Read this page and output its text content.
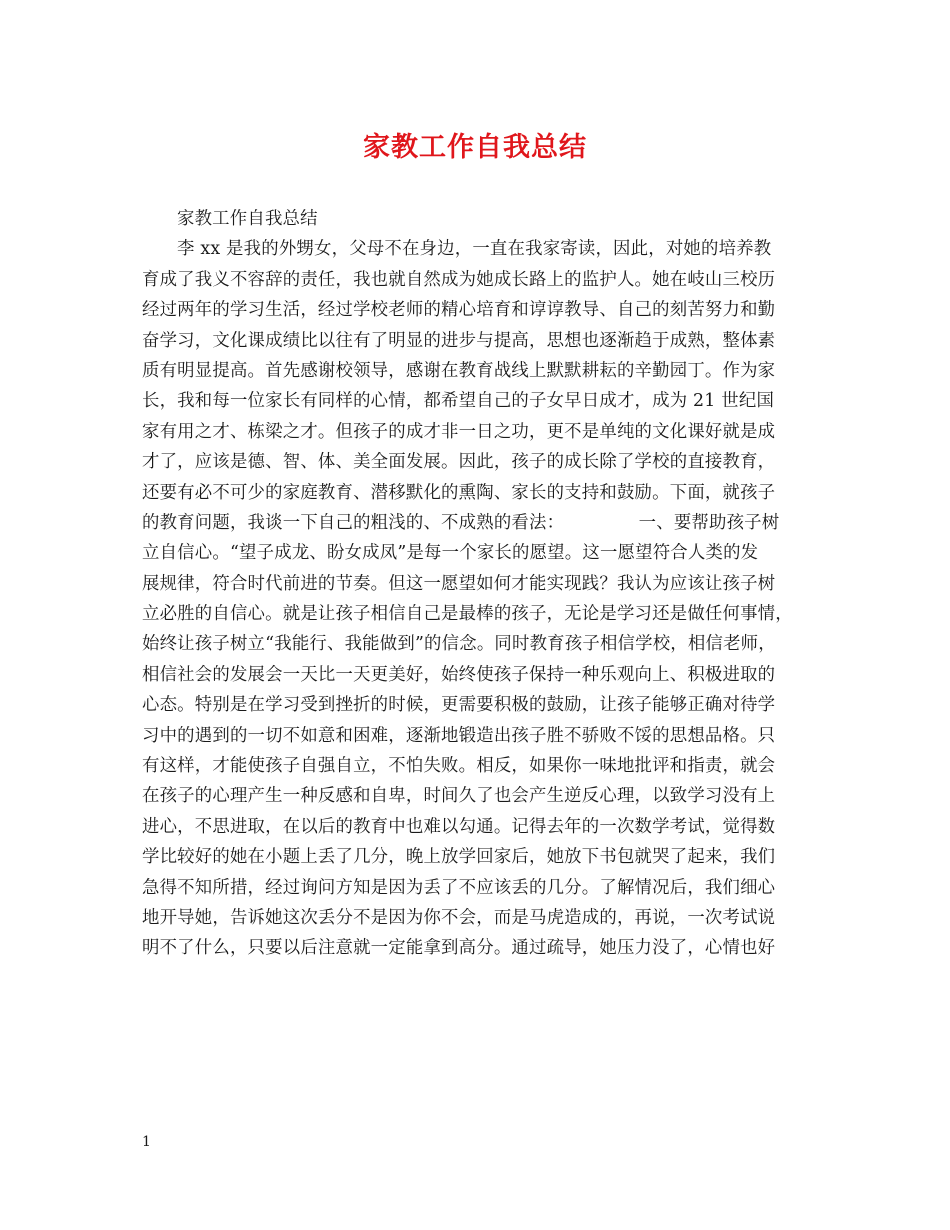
家教工作自我总结
家教工作自我总结
李 xx 是我的外甥女，父母不在身边，一直在我家寄读，因此，对她的培养教
育成了我义不容辞的责任，我也就自然成为她成长路上的监护人。她在岐山三校历
经过两年的学习生活，经过学校老师的精心培育和谆谆教导、自己的刻苦努力和勤
奋学习，文化课成绩比以往有了明显的进步与提高，思想也逐渐趋于成熟，整体素
质有明显提高。首先感谢校领导，感谢在教育战线上默默耕耘的辛勤园丁。作为家
长，我和每一位家长有同样的心情，都希望自己的子女早日成才，成为 21 世纪国
家有用之才、栋梁之才。但孩子的成才非一日之功，更不是单纯的文化课好就是成
才了，应该是德、智、体、美全面发展。因此，孩子的成长除了学校的直接教育，
还要有必不可少的家庭教育、潜移默化的熏陶、家长的支持和鼓励。下面，就孩子
的教育问题，我谈一下自己的粗浅的、不成熟的看法：             一、要帮助孩子树
立自信心。“望子成龙、盼女成凤”是每一个家长的愿望。这一愿望符合人类的发
展规律，符合时代前进的节奏。但这一愿望如何才能实现践？我认为应该让孩子树
立必胜的自信心。就是让孩子相信自己是最棒的孩子，无论是学习还是做任何事情，
始终让孩子树立“我能行、我能做到”的信念。同时教育孩子相信学校，相信老师，
相信社会的发展会一天比一天更美好，始终使孩子保持一种乐观向上、积极进取的
心态。特别是在学习受到挫折的时候，更需要积极的鼓励，让孩子能够正确对待学
习中的遇到的一切不如意和困难，逐渐地锻造出孩子胜不骄败不馁的思想品格。只
有这样，才能使孩子自强自立，不怕失败。相反，如果你一味地批评和指责，就会
在孩子的心理产生一种反感和自卑，时间久了也会产生逆反心理，以致学习没有上
进心，不思进取，在以后的教育中也难以勾通。记得去年的一次数学考试，觉得数
学比较好的她在小题上丢了几分，晚上放学回家后，她放下书包就哭了起来，我们
急得不知所措，经过询问方知是因为丢了不应该丢的几分。了解情况后，我们细心
地开导她，告诉她这次丢分不是因为你不会，而是马虎造成的，再说，一次考试说
明不了什么，只要以后注意就一定能拿到高分。通过疏导，她压力没了，心情也好
1
